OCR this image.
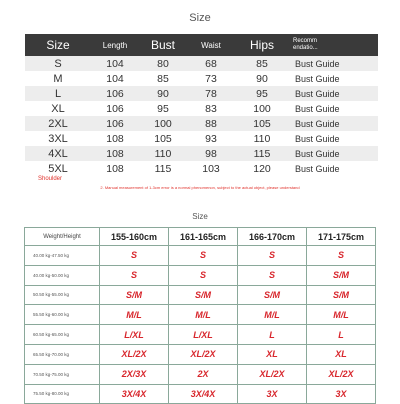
Size
Size	Length	Bust	Waist	Hips	Recomm
endatio...
S	104	80	68	85	Bust Guide
M	104	85	73	90	Bust Guide
L	106	90	78	95	Bust Guide
XL	106	95	83	100	Bust Guide
2XL	106	100	88	105	Bust Guide
3XL	108	105	93	110	Bust Guide
4XL	108	110	98	115	Bust Guide
5XL	108	115	103	120	Bust Guide
Shoulder
2. Manual measurement of 1-3cm error is a normal phenomenon, subject to the actual object, please understand
Size
Weight/Height	155-160cm	161-165cm	166-170cm	171-175cm
40.00 kg-47.50 kg	S	S	S	S
40.00 kg-50.00 kg	S	S	S	S/M
50.50 kg-55.00 kg	S/M	S/M	S/M	S/M
55.50 kg-60.00 kg	M/L	M/L	M/L	M/L
60.50 kg-65.00 kg	L/XL	L/XL	L	L
65.50 kg-70.00 kg	XL/2X	XL/2X	XL	XL
70.50 kg-75.00 kg	2X/3X	2X	XL/2X	XL/2X
75.50 kg-80.00 kg	3X/4X	3X/4X	3X	3X
